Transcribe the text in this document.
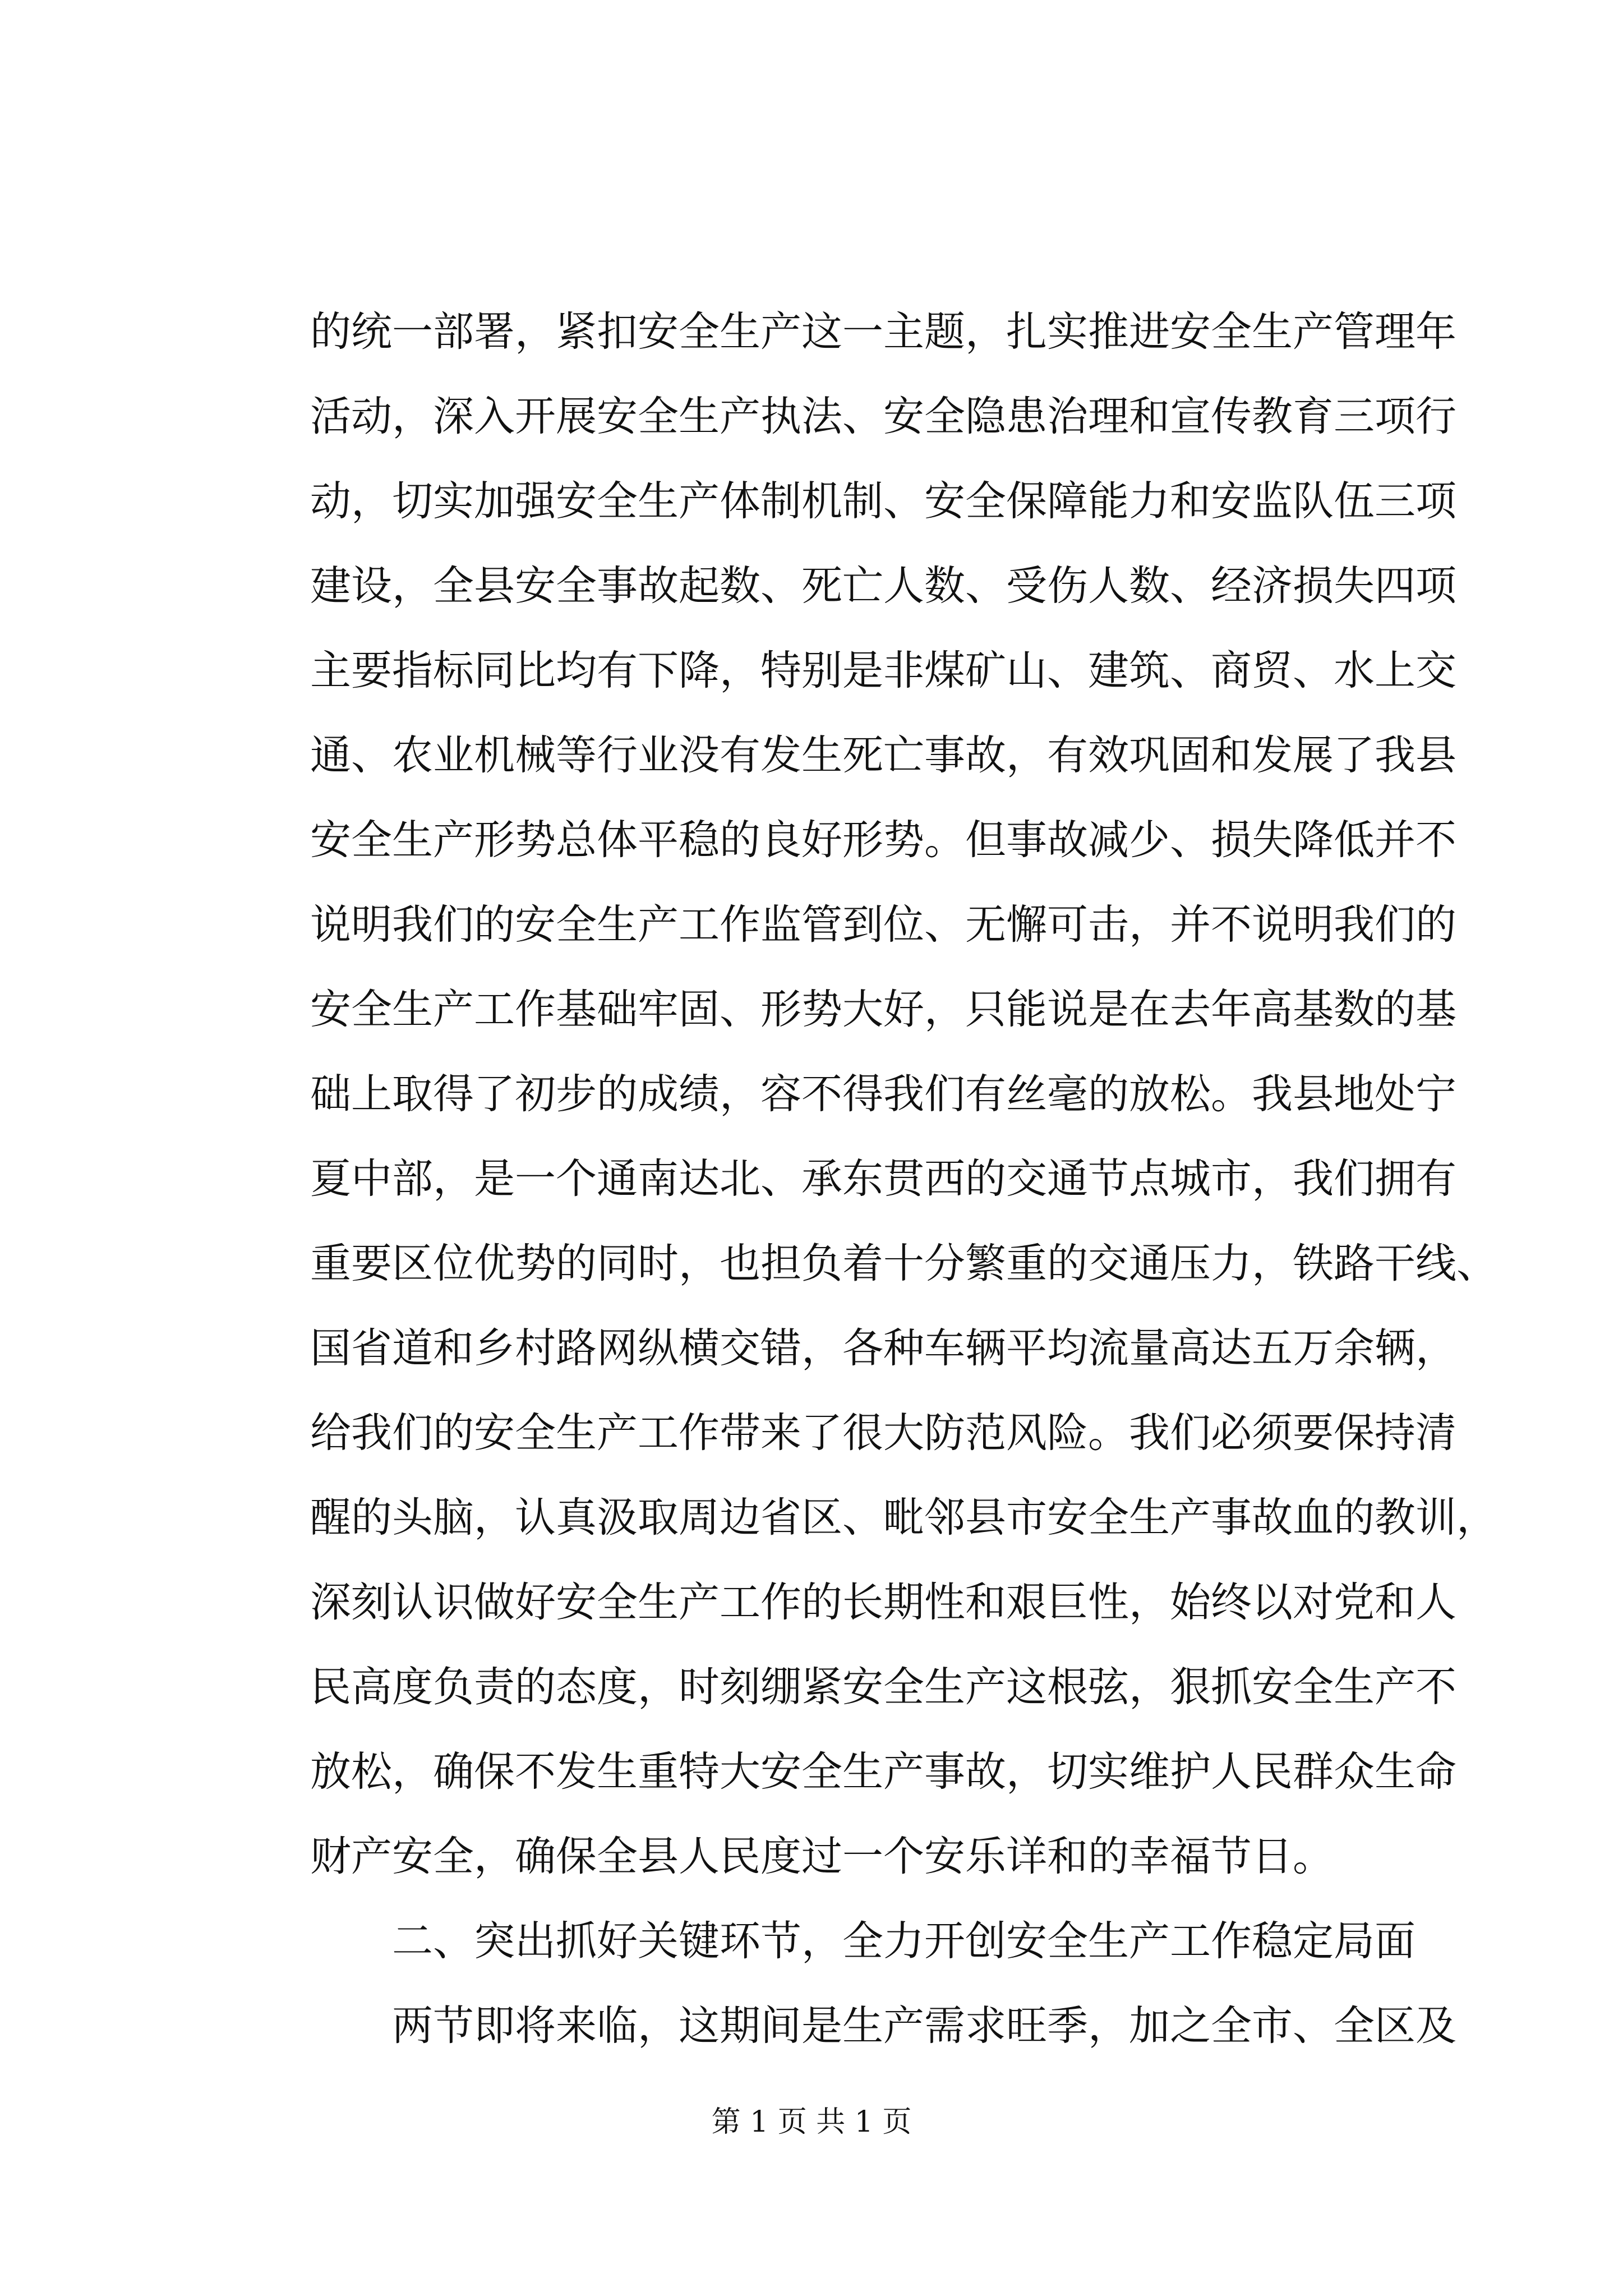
的统一部署，紧扣安全生产这一主题，扎实推进安全生产管理年
活动，深入开展安全生产执法、安全隐患治理和宣传教育三项行
动，切实加强安全生产体制机制、安全保障能力和安监队伍三项
建设，全县安全事故起数、死亡人数、受伤人数、经济损失四项
主要指标同比均有下降，特别是非煤矿山、建筑、商贸、水上交
通、农业机械等行业没有发生死亡事故，有效巩固和发展了我县
安全生产形势总体平稳的良好形势。但事故减少、损失降低并不
说明我们的安全生产工作监管到位、无懈可击，并不说明我们的
安全生产工作基础牢固、形势大好，只能说是在去年高基数的基
础上取得了初步的成绩，容不得我们有丝毫的放松。我县地处宁
夏中部，是一个通南达北、承东贯西的交通节点城市，我们拥有
重要区位优势的同时，也担负着十分繁重的交通压力，铁路干线、
国省道和乡村路网纵横交错，各种车辆平均流量高达五万余辆，
给我们的安全生产工作带来了很大防范风险。我们必须要保持清
醒的头脑，认真汲取周边省区、毗邻县市安全生产事故血的教训，
深刻认识做好安全生产工作的长期性和艰巨性，始终以对党和人
民高度负责的态度，时刻绷紧安全生产这根弦，狠抓安全生产不
放松，确保不发生重特大安全生产事故，切实维护人民群众生命
财产安全，确保全县人民度过一个安乐详和的幸福节日。
二、突出抓好关键环节，全力开创安全生产工作稳定局面
两节即将来临，这期间是生产需求旺季，加之全市、全区及
第 1 页 共 1 页
